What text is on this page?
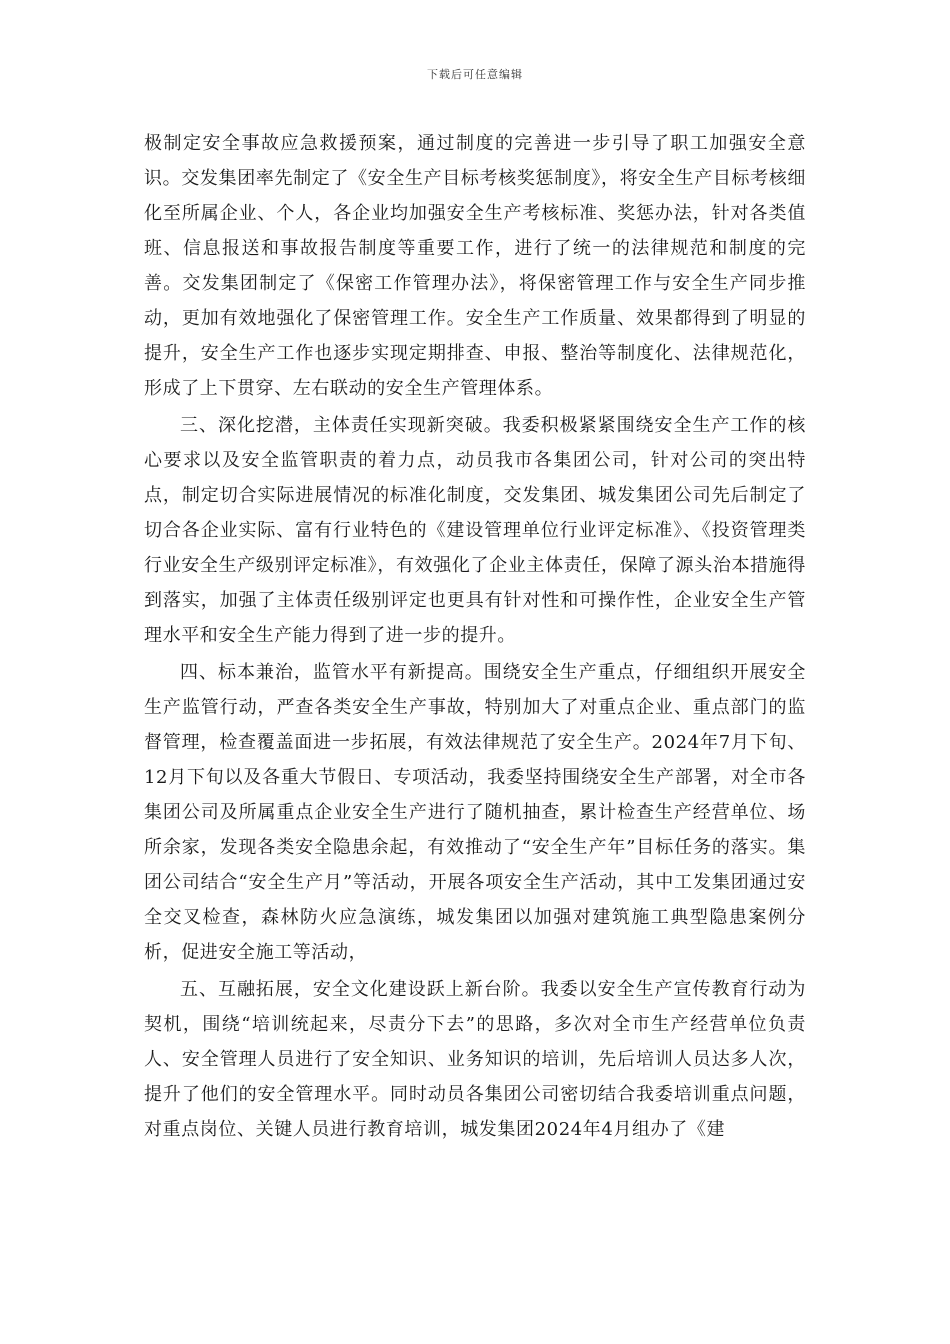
下载后可任意编辑

极制定安全事故应急救援预案，通过制度的完善进一步引导了职工加强安全意识。交发集团率先制定了《安全生产目标考核奖惩制度》，将安全生产目标考核细化至所属企业、个人，各企业均加强安全生产考核标准、奖惩办法，针对各类值班、信息报送和事故报告制度等重要工作，进行了统一的法律规范和制度的完善。交发集团制定了《保密工作管理办法》，将保密管理工作与安全生产同步推动，更加有效地强化了保密管理工作。安全生产工作质量、效果都得到了明显的提升，安全生产工作也逐步实现定期排查、申报、整治等制度化、法律规范化，形成了上下贯穿、左右联动的安全生产管理体系。

三、深化挖潜，主体责任实现新突破。我委积极紧紧围绕安全生产工作的核心要求以及安全监管职责的着力点，动员我市各集团公司，针对公司的突出特点，制定切合实际进展情况的标准化制度，交发集团、城发集团公司先后制定了切合各企业实际、富有行业特色的《建设管理单位行业评定标准》、《投资管理类行业安全生产级别评定标准》，有效强化了企业主体责任，保障了源头治本措施得到落实，加强了主体责任级别评定也更具有针对性和可操作性，企业安全生产管理水平和安全生产能力得到了进一步的提升。

四、标本兼治，监管水平有新提高。围绕安全生产重点，仔细组织开展安全生产监管行动，严查各类安全生产事故，特别加大了对重点企业、重点部门的监督管理，检查覆盖面进一步拓展，有效法律规范了安全生产。2024年7月下旬、12月下旬以及各重大节假日、专项活动，我委坚持围绕安全生产部署，对全市各集团公司及所属重点企业安全生产进行了随机抽查，累计检查生产经营单位、场所余家，发现各类安全隐患余起，有效推动了“安全生产年”目标任务的落实。集团公司结合“安全生产月”等活动，开展各项安全生产活动，其中工发集团通过安全交叉检查，森林防火应急演练，城发集团以加强对建筑施工典型隐患案例分析，促进安全施工等活动，

五、互融拓展，安全文化建设跃上新台阶。我委以安全生产宣传教育行动为契机，围绕“培训统起来，尽责分下去”的思路，多次对全市生产经营单位负责人、安全管理人员进行了安全知识、业务知识的培训，先后培训人员达多人次，提升了他们的安全管理水平。同时动员各集团公司密切结合我委培训重点问题，对重点岗位、关键人员进行教育培训，城发集团2024年4月组办了《建
